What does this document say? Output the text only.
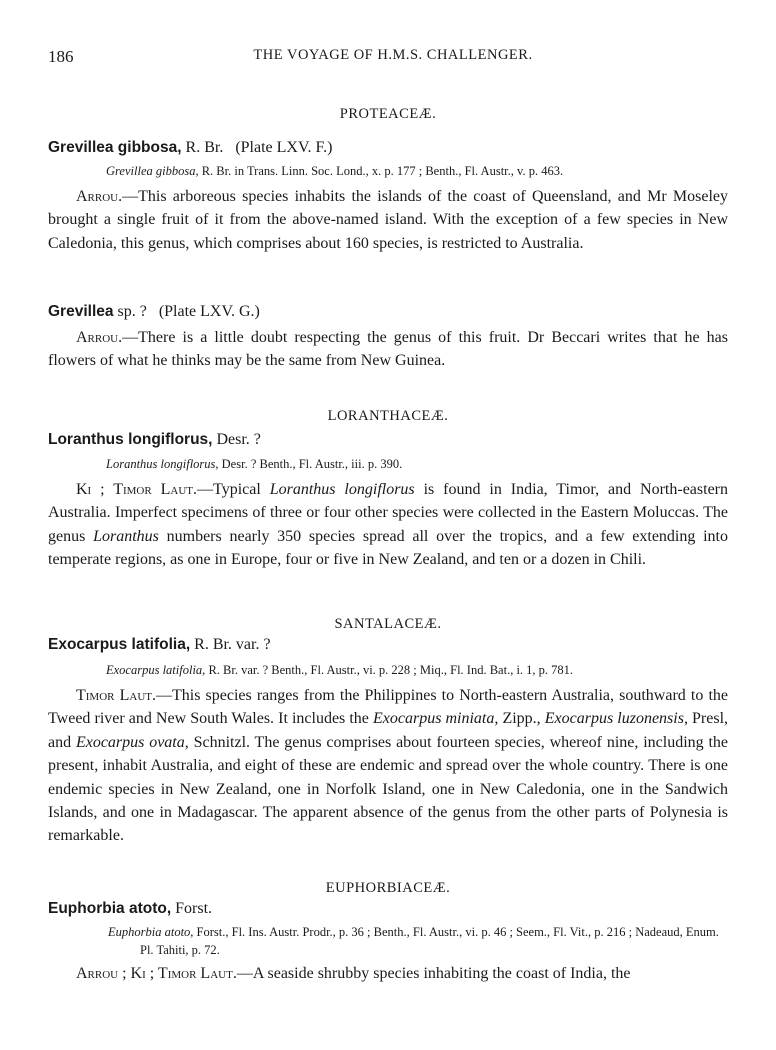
186	THE VOYAGE OF H.M.S. CHALLENGER.
PROTEACEÆ.
Grevillea gibbosa, R. Br. (Plate LXV. F.)
Grevillea gibbosa, R. Br. in Trans. Linn. Soc. Lond., x. p. 177 ; Benth., Fl. Austr., v. p. 463.
Arrou.—This arboreous species inhabits the islands of the coast of Queensland, and Mr Moseley brought a single fruit of it from the above-named island. With the exception of a few species in New Caledonia, this genus, which comprises about 160 species, is restricted to Australia.
Grevillea sp. ? (Plate LXV. G.)
Arrou.—There is a little doubt respecting the genus of this fruit. Dr Beccari writes that he has flowers of what he thinks may be the same from New Guinea.
LORANTHACEÆ.
Loranthus longiflorus, Desr. ?
Loranthus longiflorus, Desr. ? Benth., Fl. Austr., iii. p. 390.
Ki ; Timor Laut.—Typical Loranthus longiflorus is found in India, Timor, and North-eastern Australia. Imperfect specimens of three or four other species were collected in the Eastern Moluccas. The genus Loranthus numbers nearly 350 species spread all over the tropics, and a few extending into temperate regions, as one in Europe, four or five in New Zealand, and ten or a dozen in Chili.
SANTALACEÆ.
Exocarpus latifolia, R. Br. var. ?
Exocarpus latifolia, R. Br. var. ? Benth., Fl. Austr., vi. p. 228 ; Miq., Fl. Ind. Bat., i. 1, p. 781.
Timor Laut.—This species ranges from the Philippines to North-eastern Australia, southward to the Tweed river and New South Wales. It includes the Exocarpus miniata, Zipp., Exocarpus luzonensis, Presl, and Exocarpus ovata, Schnitzl. The genus comprises about fourteen species, whereof nine, including the present, inhabit Australia, and eight of these are endemic and spread over the whole country. There is one endemic species in New Zealand, one in Norfolk Island, one in New Caledonia, one in the Sandwich Islands, and one in Madagascar. The apparent absence of the genus from the other parts of Polynesia is remarkable.
EUPHORBIACEÆ.
Euphorbia atoto, Forst.
Euphorbia atoto, Forst., Fl. Ins. Austr. Prodr., p. 36 ; Benth., Fl. Austr., vi. p. 46 ; Seem., Fl. Vit., p. 216 ; Nadeaud, Enum. Pl. Tahiti, p. 72.
Arrou ; Ki ; Timor Laut.—A seaside shrubby species inhabiting the coast of India, the
